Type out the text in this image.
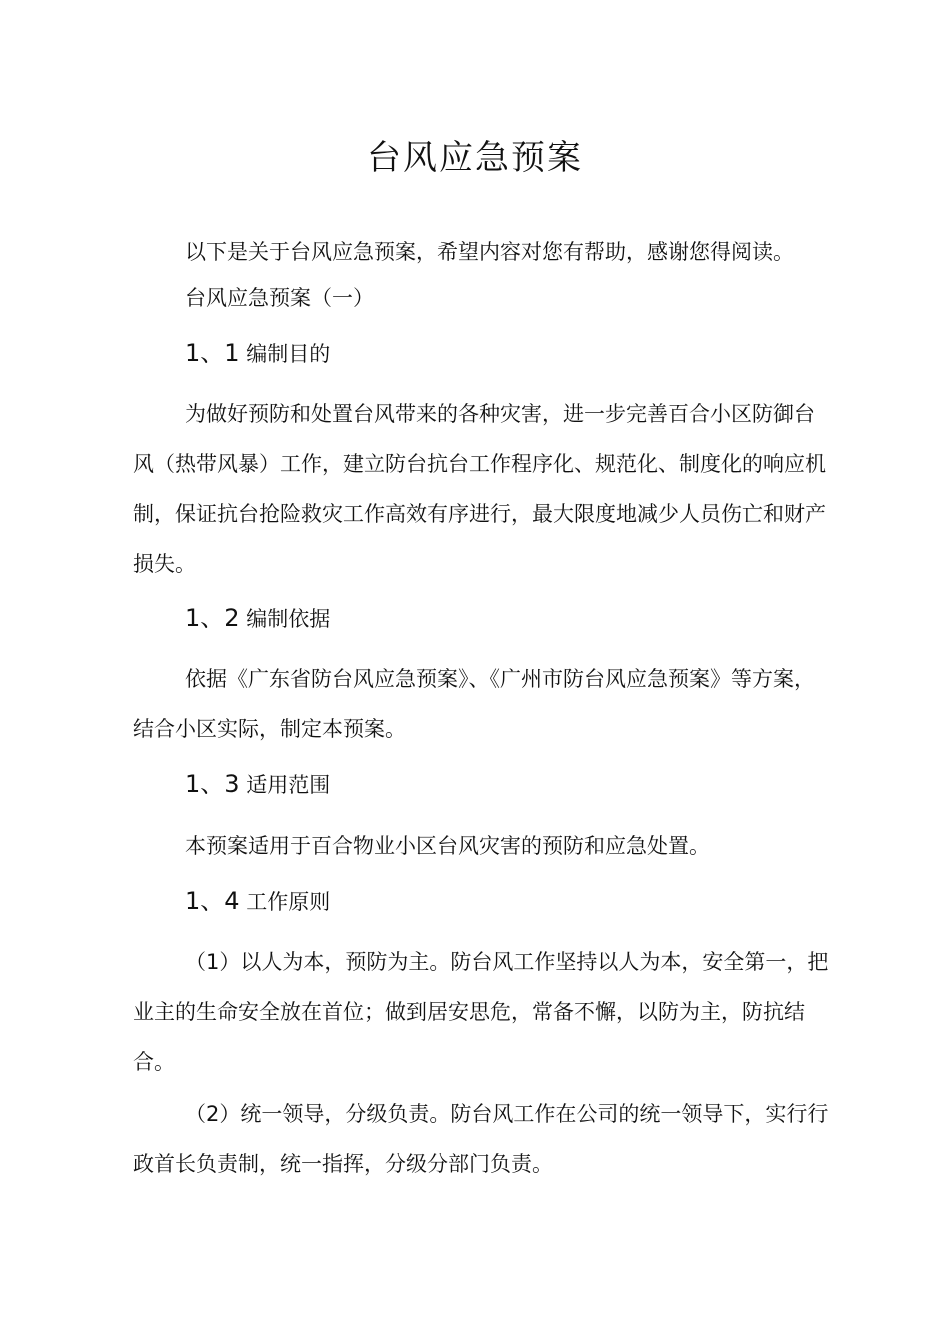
台风应急预案

以下是关于台风应急预案，希望内容对您有帮助，感谢您得阅读。

台风应急预案（一）

1、1 编制目的

为做好预防和处置台风带来的各种灾害，进一步完善百合小区防御台风（热带风暴）工作，建立防台抗台工作程序化、规范化、制度化的响应机制，保证抗台抢险救灾工作高效有序进行，最大限度地减少人员伤亡和财产损失。

1、2 编制依据

依据《广东省防台风应急预案》、《广州市防台风应急预案》等方案，结合小区实际，制定本预案。

1、3 适用范围

本预案适用于百合物业小区台风灾害的预防和应急处置。

1、4 工作原则

（1）以人为本，预防为主。防台风工作坚持以人为本，安全第一，把业主的生命安全放在首位；做到居安思危，常备不懈，以防为主，防抗结合。

（2）统一领导，分级负责。防台风工作在公司的统一领导下，实行行政首长负责制，统一指挥，分级分部门负责。
